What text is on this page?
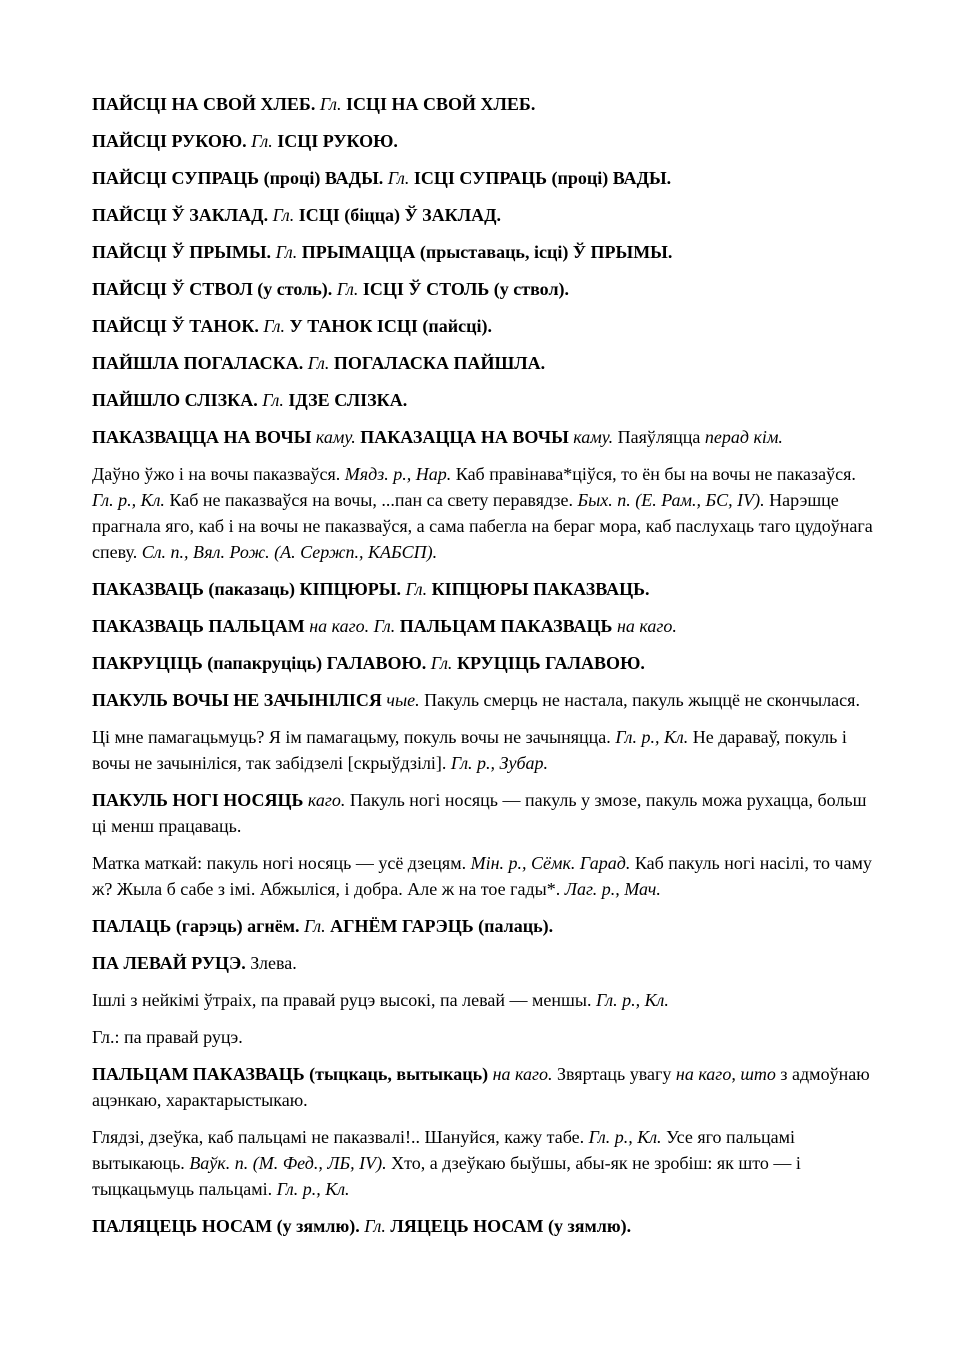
ПАЙСЦІ НА СВОЙ ХЛЕБ. Гл. ІСЦІ НА СВОЙ ХЛЕБ.

ПАЙСЦІ РУКОЮ. Гл. ІСЦІ РУКОЮ.

ПАЙСЦІ СУПРАЦЬ (процi) ВАДЫ. Гл. ІСЦІ СУПРАЦЬ (процi) ВАДЫ.

ПАЙСЦІ Ў ЗАКЛАД. Гл. ІСЦІ (біцца) Ў ЗАКЛАД.

ПАЙСЦІ Ў ПРЫМЫ. Гл. ПРЫМАЦЦА (прыставаць, ісці) Ў ПРЫМЫ.

ПАЙСЦІ Ў СТВОЛ (у столь). Гл. ІСЦІ Ў СТОЛЬ (у ствол).

ПАЙСЦІ Ў ТАНОК. Гл. У ТАНОК ІСЦІ (пайсці).

ПАЙШЛА ПОГАЛАСКА. Гл. ПОГАЛАСКА ПАЙШЛА.

ПАЙШЛО СЛІЗКА. Гл. ІДЗЕ СЛІЗКА.

ПАКАЗВАЦЦА НА ВОЧЫ каму. ПАКАЗАЦЦА НА ВОЧЫ каму. Паяўляцца перад кім.

Даўно ўжо і на вочы паказваўся. Мядз. р., Нар. Каб правінава*ціўся, то ён бы на вочы не паказаўся. Гл. р., Кл. Каб не паказваўся на вочы, ...пан са свету перавядзе. Быx. п. (Е. Рам., БС, IV). Нарэшце прагнала яго, каб і на вочы не паказваўся, а сама пабегла на бераг мора, каб паслухаць таго цудоўнага спеву. Сл. п., Вял. Рож. (А. Сержп., КАБСП).

ПАКАЗВАЦЬ (паказаць) КІПЦЮРЫ. Гл. КІПЦЮРЫ ПАКАЗВАЦЬ.

ПАКАЗВАЦЬ ПАЛЬЦАМ на каго. Гл. ПАЛЬЦАМ ПАКАЗВАЦЬ на каго.

ПАКРУЦІЦЬ (папакруціць) ГАЛАВОЮ. Гл. КРУЦІЦЬ ГАЛАВОЮ.

ПАКУЛЬ ВОЧЫ НЕ ЗАЧЫНІЛІСЯ чые. Пакуль смерць не настала, пакуль жыццё не скончылася.

Ці мне памагацьмуць? Я ім памагацьму, покуль вочы не зачыняцца. Гл. р., Кл. Не дараваў, покуль і вочы не зачыніліся, так забідзелі [скрыўдзілі]. Гл. р., Зубар.

ПАКУЛЬ НОГІ НОСЯЦЬ каго. Пакуль ногі носяць — пакуль у змозе, пакуль можа рухацца, больш ці менш працаваць.

Матка маткай: пакуль ногі носяць — усё дзецям. Мін. р., Сёмк. Гарад. Каб пакуль ногі насілі, то чаму ж? Жыла б сабе з імі. Абжыліся, і добра. Але ж на тое гады*. Лаг. р., Мач.

ПАЛАЦЬ (гарэць) агнём. Гл. АГНЁМ ГАРЭЦЬ (палаць).

ПА ЛЕВАЙ РУЦЭ. Злева.

Ішлі з нейкімі ўтраіх, па правай руцэ высокі, па левай — меншы. Гл. р., Кл.

Гл.: па правай руцэ.

ПАЛЬЦАМ ПАКАЗВАЦЬ (тыцкаць, вытыкаць) на каго. Звяртаць увагу на каго, што з адмоўнаю ацэнкаю, характарыстыкаю.

Глядзі, дзеўка, каб пальцамі не паказвалі!.. Шануйся, кажу табе. Гл. р., Кл. Усе яго пальцамі вытыкаюць. Ваўк. п. (М. Фед., ЛБ, IV). Хто, а дзеўкаю быўшы, абы-як не зробіш: як што — і тыцкацьмуць пальцамі. Гл. р., Кл.

ПАЛЯЦЕЦЬ НОСАМ (у зямлю). Гл. ЛЯЦЕЦЬ НОСАМ (у зямлю).
